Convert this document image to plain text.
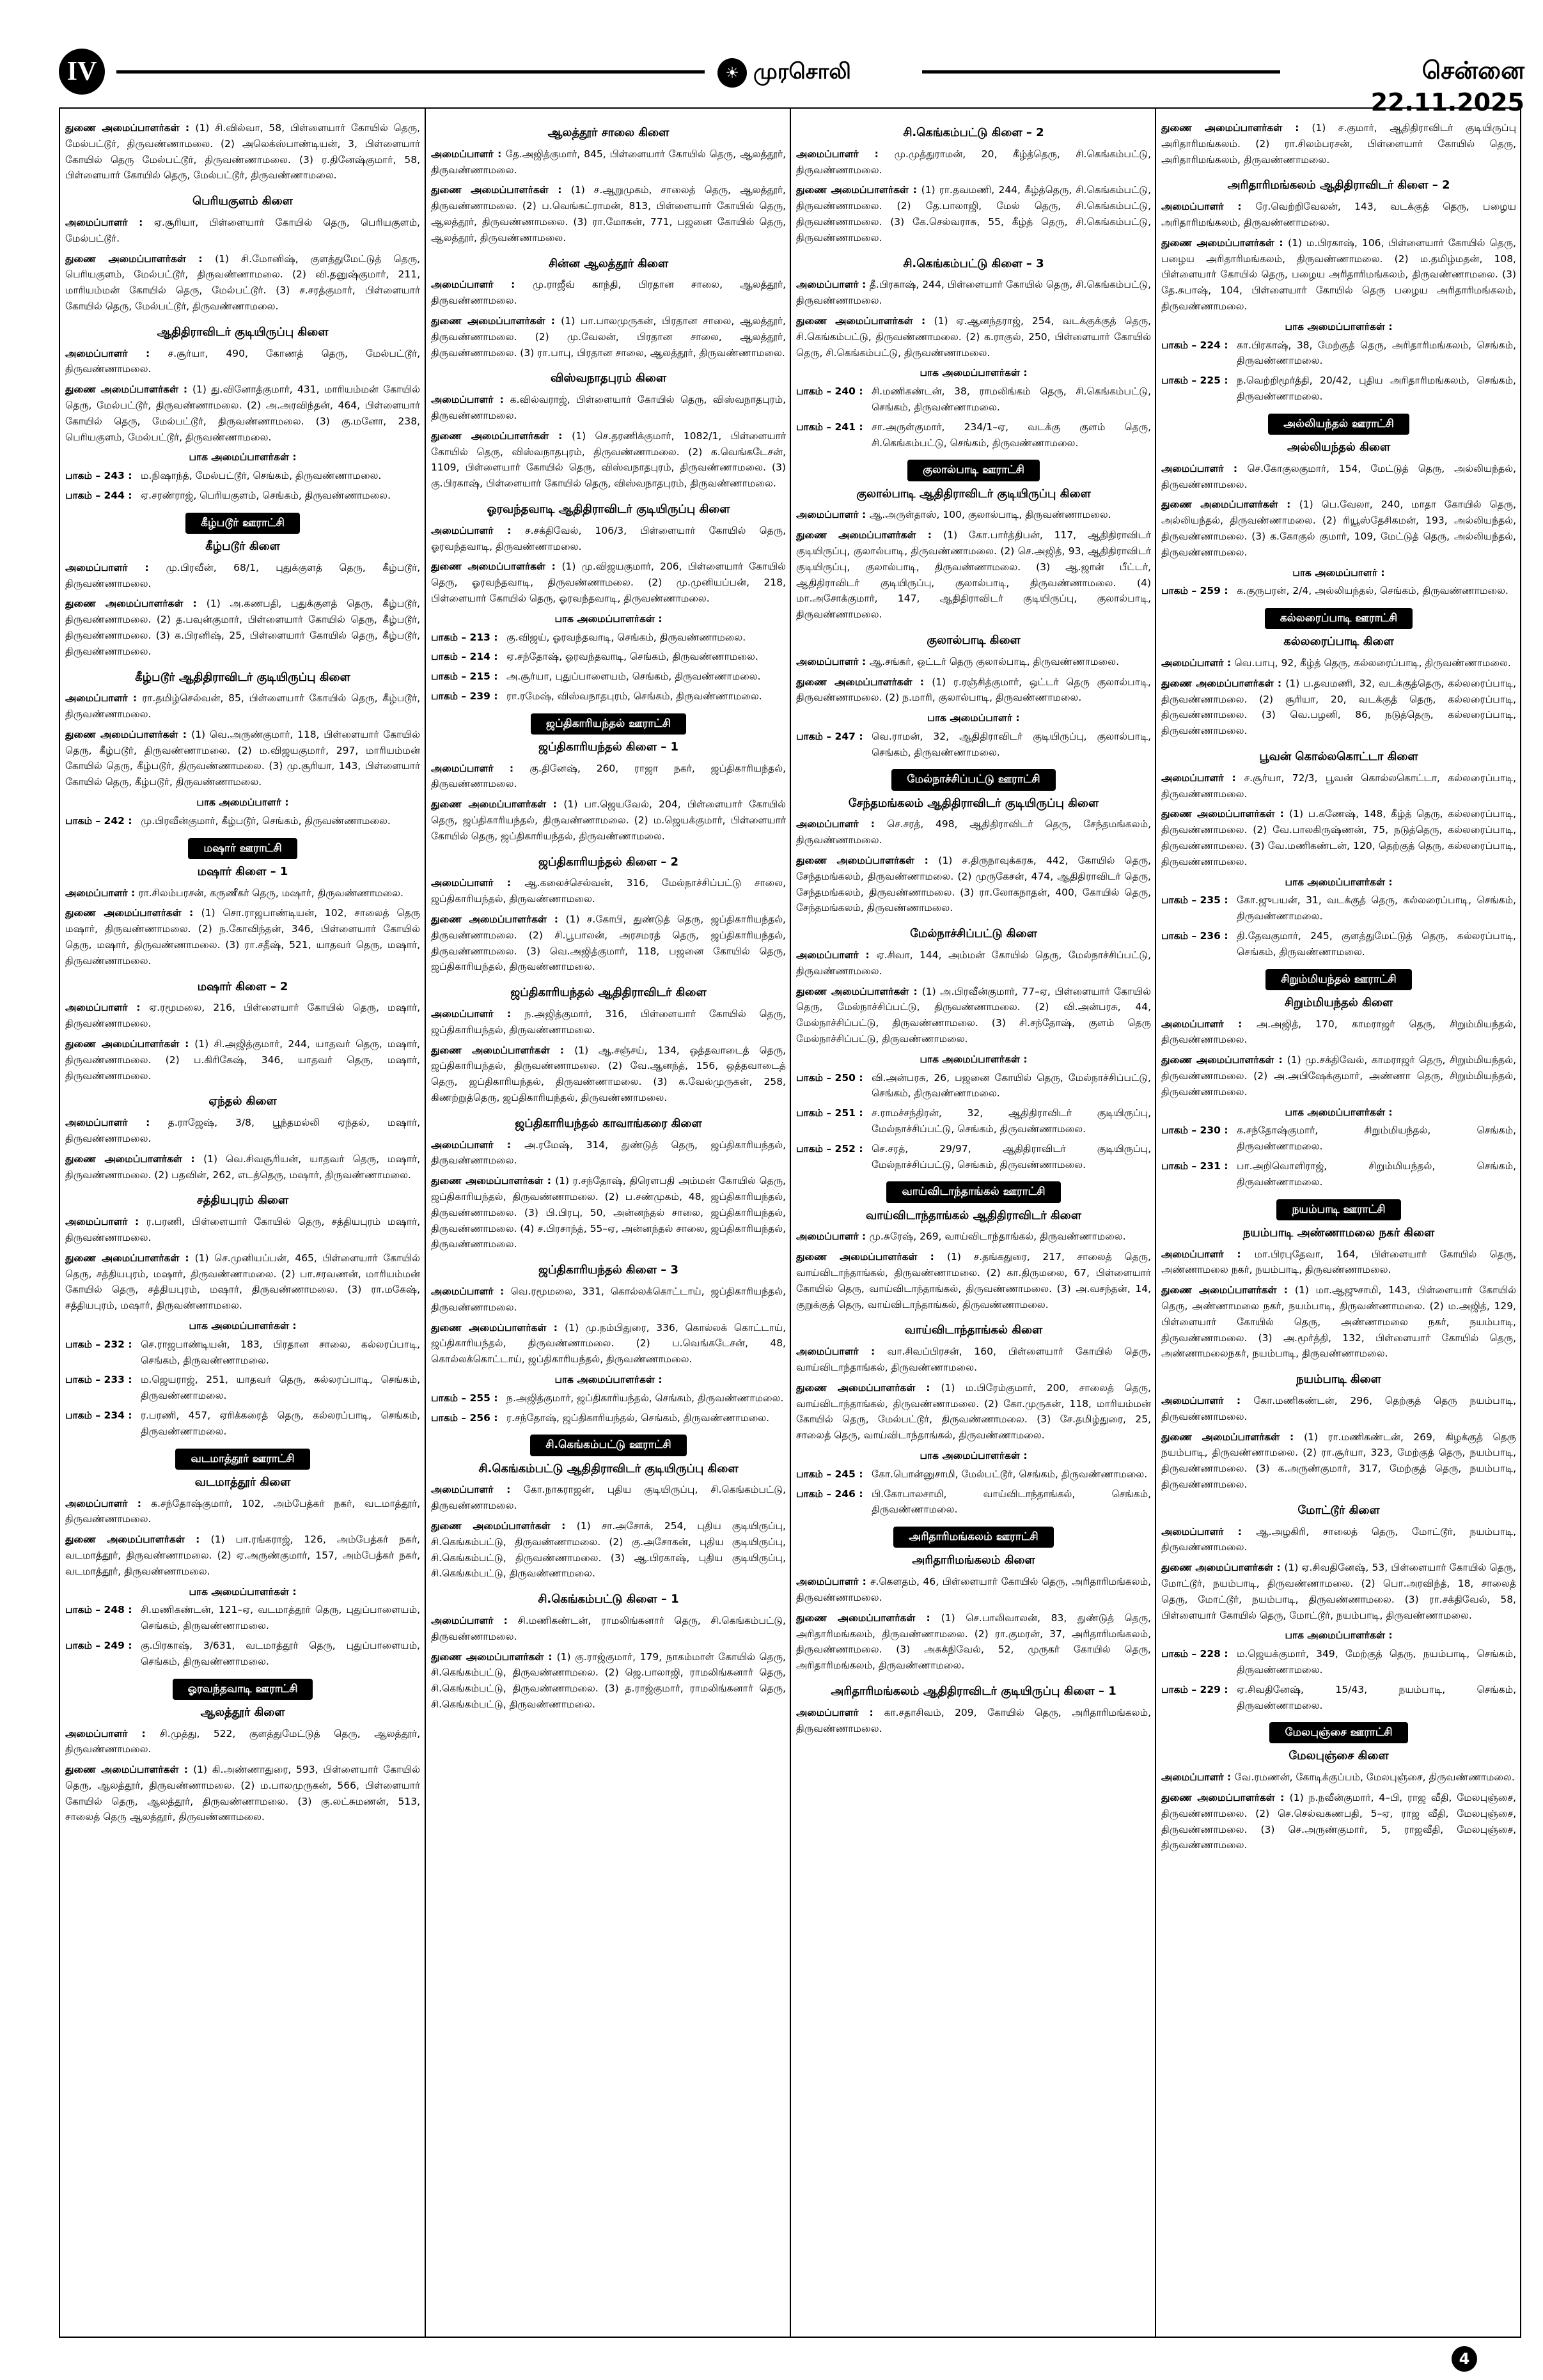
IV	☀ முரசொலி	சென்னை 22.11.2025
துணை அமைப்பாளர்கள் : (1) சி.வில்வா, 58, பிள்ளையார் கோயில் தெரு, மேல்பட்டூர், திருவண்ணாமலை. (2) அலெக்ஸ்பாண்டியன், 3, பிள்ளையார் கோயில் தெரு மேல்பட்டூர், திருவண்ணாமலை. (3) ர.தினேஷ்குமார், 58, பிள்ளையார் கோயில் தெரு, மேல்பட்டூர், திருவண்ணாமலை.
பெரியகுளம் கிளை
அமைப்பாளர் : ஏ.சூரியா, பிள்ளையார் கோயில் தெரு, பெரியகுளம், மேல்பட்டூர்.
துணை அமைப்பாளர்கள் : (1) சி.மோனிஷ், குளத்துமேட்டுத் தெரு, பெரியகுளம், மேல்பட்டூர், திருவண்ணாமலை. (2) வி.தனுஷ்குமார், 211, மாரியம்மன் கோயில் தெரு, மேல்பட்டூர். (3) ச.சரத்குமார், பிள்ளையார் கோயில் தெரு, மேல்பட்டூர், திருவண்ணாமலை.
ஆதிதிராவிடர் குடியிருப்பு கிளை
அமைப்பாளர் : ச.சூர்யா, 490, கோணத் தெரு, மேல்பட்டூர், திருவண்ணாமலை.
துணை அமைப்பாளர்கள் : (1) து.வினோத்குமார், 431, மாரியம்மன் கோயில் தெரு, மேல்பட்டூர், திருவண்ணாமலை. (2) அ.அரவிந்தன், 464, பிள்ளையார் கோயில் தெரு, மேல்பட்டூர், திருவண்ணாமலை. (3) கு.மனோ, 238, பெரியகுளம், மேல்பட்டூர், திருவண்ணாமலை.
பாக அமைப்பாளர்கள் :
பாகம் – 243 : ம.நிஷாந்த், மேல்பட்டூர், செங்கம், திருவண்ணாமலை.
பாகம் – 244 : ஏ.சரண்ராஜ், பெரியகுளம், செங்கம், திருவண்ணாமலை.
கீழ்படூர் ஊராட்சி
கீழ்படூர் கிளை
அமைப்பாளர் : மு.பிரவீன், 68/1, புதுக்குளத் தெரு, கீழ்படூர், திருவண்ணாமலை.
துணை அமைப்பாளர்கள் : (1) அ.கணபதி, புதுக்குளத் தெரு, கீழ்படூர், திருவண்ணாமலை. (2) த.பவுன்குமார், பிள்ளையார் கோயில் தெரு, கீழ்படூர், திருவண்ணாமலை. (3) க.பிரனிஷ், 25, பிள்ளையார் கோயில் தெரு, கீழ்படூர், திருவண்ணாமலை.
கீழ்படூர் ஆதிதிராவிடர் குடியிருப்பு கிளை
அமைப்பாளர் : ரா.தமிழ்செல்வன், 85, பிள்ளையார் கோயில் தெரு, கீழ்படூர், திருவண்ணாமலை.
துணை அமைப்பாளர்கள் : (1) வெ.அருண்குமார், 118, பிள்ளையார் கோயில் தெரு, கீழ்படூர், திருவண்ணாமலை. (2) ம.விஜயகுமார், 297, மாரியம்மன் கோயில் தெரு, கீழ்படூர், திருவண்ணாமலை. (3) மு.சூரியா, 143, பிள்ளையார் கோயில் தெரு, கீழ்படூர், திருவண்ணாமலை.
பாக அமைப்பாளர் :
பாகம் – 242 : மு.பிரவீன்குமார், கீழ்படூர், செங்கம், திருவண்ணாமலை.
மஷார் ஊராட்சி
மஷார் கிளை – 1
அமைப்பாளர் : ரா.சிலம்பரசன், கருணீகர் தெரு, மஷார், திருவண்ணாமலை.
துணை அமைப்பாளர்கள் : (1) சொ.ராஜபாண்டியன், 102, சாலைத் தெரு மஷார், திருவண்ணாமலை. (2) ந.கோவிந்தன், 346, பிள்ளையார் கோயில் தெரு, மஷார், திருவண்ணாமலை. (3) ரா.சதீஷ், 521, யாதவர் தெரு, மஷார், திருவண்ணாமலை.
மஷார் கிளை – 2
அமைப்பாளர் : ஏ.ரமூமலை, 216, பிள்ளையார் கோயில் தெரு, மஷார், திருவண்ணாமலை.
துணை அமைப்பாளர்கள் : (1) சி.அஜித்குமார், 244, யாதவர் தெரு, மஷார், திருவண்ணாமலை. (2) ப.கிரிகேஷ், 346, யாதவர் தெரு, மஷார், திருவண்ணாமலை.
ஏந்தல் கிளை
அமைப்பாளர் : த.ராஜேஷ், 3/8, பூந்தமல்லி ஏந்தல், மஷார், திருவண்ணாமலை.
துணை அமைப்பாளர்கள் : (1) வெ.சிவசூரியன், யாதவர் தெரு, மஷார், திருவண்ணாமலை. (2) பதவின், 262, எடத்தெரு, மஷார், திருவண்ணாமலை.
சத்தியபுரம் கிளை
அமைப்பாளர் : ர.பரணி, பிள்ளையார் கோயில் தெரு, சத்தியபுரம் மஷார், திருவண்ணாமலை.
துணை அமைப்பாளர்கள் : (1) செ.முனியப்பன், 465, பிள்ளையார் கோயில் தெரு, சத்தியபுரம், மஷார், திருவண்ணாமலை. (2) பா.சரவணன், மாரியம்மன் கோயில் தெரு, சத்தியபுரம், மஷார், திருவண்ணாமலை. (3) ரா.மகேஷ், சத்தியபுரம், மஷார், திருவண்ணாமலை.
பாக அமைப்பாளர்கள் :
பாகம் – 232 : செ.ராஜபாண்டியன், 183, பிரதான சாலை, கல்லரப்பாடி, செங்கம், திருவண்ணாமலை.
பாகம் – 233 : ம.ஜெயராஜ், 251, யாதவர் தெரு, கல்லரப்பாடி, செங்கம், திருவண்ணாமலை.
பாகம் – 234 : ர.பரணி, 457, ஏரிக்கரைத் தெரு, கல்லரப்பாடி, செங்கம், திருவண்ணாமலை.
வடமாத்தூர் ஊராட்சி
வடமாத்தூர் கிளை
அமைப்பாளர் : க.சந்தோஷ்குமார், 102, அம்பேத்கர் நகர், வடமாத்தூர், திருவண்ணாமலை.
துணை அமைப்பாளர்கள் : (1) பா.ரங்கராஜ், 126, அம்பேத்கர் நகர், வடமாத்தூர், திருவண்ணாமலை. (2) ஏ.அருண்குமார், 157, அம்பேத்கர் நகர், வடமாத்தூர், திருவண்ணாமலை.
பாக அமைப்பாளர்கள் :
பாகம் – 248 : சி.மணிகண்டன், 121–ஏ, வடமாத்தூர் தெரு, புதுப்பாளையம், செங்கம், திருவண்ணாமலை.
பாகம் – 249 : கு.பிரகாஷ், 3/631, வடமாத்தூர் தெரு, புதுப்பாளையம், செங்கம், திருவண்ணாமலை.
ஓரவந்தவாடி ஊராட்சி
ஆலத்தூர் கிளை
அமைப்பாளர் : சி.முத்து, 522, குளத்துமேட்டுத் தெரு, ஆலத்தூர், திருவண்ணாமலை.
துணை அமைப்பாளர்கள் : (1) கி.அண்ணாதுரை, 593, பிள்ளையார் கோயில் தெரு, ஆலத்தூர், திருவண்ணாமலை. (2) ம.பாலமுருகன், 566, பிள்ளையார் கோயில் தெரு, ஆலத்தூர், திருவண்ணாமலை. (3) கு.லட்சுமணன், 513, சாலைத் தெரு ஆலத்தூர், திருவண்ணாமலை.
ஆலத்தூர் சாலை கிளை
அமைப்பாளர் : தே.அஜித்குமார், 845, பிள்ளையார் கோயில் தெரு, ஆலத்தூர், திருவண்ணாமலை.
துணை அமைப்பாளர்கள் : (1) ச.ஆறுமுகம், சாலைத் தெரு, ஆலத்தூர், திருவண்ணாமலை. (2) ப.வெங்கட்ராமன், 813, பிள்ளையார் கோயில் தெரு, ஆலத்தூர், திருவண்ணாமலை. (3) ரா.மோகன், 771, பஜனை கோயில் தெரு, ஆலத்தூர், திருவண்ணாமலை.
சின்ன ஆலத்தூர் கிளை
அமைப்பாளர் : மு.ராஜீவ் காந்தி, பிரதான சாலை, ஆலத்தூர், திருவண்ணாமலை.
துணை அமைப்பாளர்கள் : (1) பா.பாலமுருகன், பிரதான சாலை, ஆலத்தூர், திருவண்ணாமலை. (2) மு.வேலன், பிரதான சாலை, ஆலத்தூர், திருவண்ணாமலை. (3) ரா.பாபு, பிரதான சாலை, ஆலத்தூர், திருவண்ணாமலை.
விஸ்வநாதபுரம் கிளை
அமைப்பாளர் : க.வில்வராஜ், பிள்ளையார் கோயில் தெரு, விஸ்வநாதபுரம், திருவண்ணாமலை.
துணை அமைப்பாளர்கள் : (1) செ.தரணிக்குமார், 1082/1, பிள்ளையார் கோயில் தெரு, விஸ்வநாதபுரம், திருவண்ணாமலை. (2) க.வெங்கடேசன், 1109, பிள்ளையார் கோயில் தெரு, விஸ்வநாதபுரம், திருவண்ணாமலை. (3) கு.பிரகாஷ், பிள்ளையார் கோயில் தெரு, விஸ்வநாதபுரம், திருவண்ணாமலை.
ஓரவந்தவாடி ஆதிதிராவிடர் குடியிருப்பு கிளை
அமைப்பாளர் : ச.சக்திவேல், 106/3, பிள்ளையார் கோயில் தெரு, ஓரவந்தவாடி, திருவண்ணாமலை.
துணை அமைப்பாளர்கள் : (1) மு.விஜயகுமார், 206, பிள்ளையார் கோயில் தெரு, ஓரவந்தவாடி, திருவண்ணாமலை. (2) மு.முனியப்பன், 218, பிள்ளையார் கோயில் தெரு, ஓரவந்தவாடி, திருவண்ணாமலை.
பாக அமைப்பாளர்கள் :
பாகம் – 213 : கு.விஜய், ஓரவந்தவாடி, செங்கம், திருவண்ணாமலை.
பாகம் – 214 : ஏ.சந்தோஷ், ஓரவந்தவாடி, செங்கம், திருவண்ணாமலை.
பாகம் – 215 : அ.சூர்யா, புதுப்பாளையம், செங்கம், திருவண்ணாமலை.
பாகம் – 239 : ரா.ரமேஷ், விஸ்வநாதபுரம், செங்கம், திருவண்ணாமலை.
ஜப்திகாரியந்தல் ஊராட்சி
ஜப்திகாரியந்தல் கிளை – 1
அமைப்பாளர் : கு.தினேஷ், 260, ராஜா நகர், ஜப்திகாரியந்தல், திருவண்ணாமலை.
துணை அமைப்பாளர்கள் : (1) பா.ஜெயவேல், 204, பிள்ளையார் கோயில் தெரு, ஜப்திகாரியந்தல், திருவண்ணாமலை. (2) ம.ஜெயக்குமார், பிள்ளையார் கோயில் தெரு, ஜப்திகாரியந்தல், திருவண்ணாமலை.
ஜப்திகாரியந்தல் கிளை – 2
அமைப்பாளர் : ஆ.கலைச்செல்வன், 316, மேல்நாச்சிப்பட்டு சாலை, ஜப்திகாரியந்தல், திருவண்ணாமலை.
துணை அமைப்பாளர்கள் : (1) ச.கோபி, துண்டுத் தெரு, ஜப்திகாரியந்தல், திருவண்ணாமலை. (2) சி.பூபாலன், அரசமரத் தெரு, ஜப்திகாரியந்தல், திருவண்ணாமலை. (3) வெ.அஜித்குமார், 118, பஜனை கோயில் தெரு, ஜப்திகாரியந்தல், திருவண்ணாமலை.
ஜப்திகாரியந்தல் ஆதிதிராவிடர் கிளை
அமைப்பாளர் : ந.அஜித்குமார், 316, பிள்ளையார் கோயில் தெரு, ஜப்திகாரியந்தல், திருவண்ணாமலை.
துணை அமைப்பாளர்கள் : (1) ஆ.சஞ்சய், 134, ஒத்தவாடைத் தெரு, ஜப்திகாரியந்தல், திருவண்ணாமலை. (2) வே.ஆனந்த், 156, ஒத்தவாடைத் தெரு, ஜப்திகாரியந்தல், திருவண்ணாமலை. (3) க.வேல்முருகன், 258, கிணற்றுத்தெரு, ஜப்திகாரியந்தல், திருவண்ணாமலை.
ஜப்திகாரியந்தல் காவாங்கரை கிளை
அமைப்பாளர் : அ.ரமேஷ், 314, துண்டுத் தெரு, ஜப்திகாரியந்தல், திருவண்ணாமலை.
துணை அமைப்பாளர்கள் : (1) ர.சந்தோஷ், திரௌபதி அம்மன் கோயில் தெரு, ஜப்திகாரியந்தல், திருவண்ணாமலை. (2) ப.சண்முகம், 48, ஜப்திகாரியந்தல், திருவண்ணாமலை. (3) பி.பிரபு, 50, அன்னந்தல் சாலை, ஜப்திகாரியந்தல், திருவண்ணாமலை. (4) ச.பிரசாந்த், 55–ஏ, அன்னந்தல் சாலை, ஜப்திகாரியந்தல், திருவண்ணாமலை.
ஜப்திகாரியந்தல் கிளை – 3
அமைப்பாளர் : வெ.ரமூமலை, 331, கொல்லக்கொட்டாய், ஜப்திகாரியந்தல், திருவண்ணாமலை.
துணை அமைப்பாளர்கள் : (1) மு.நம்பிதுரை, 336, கொல்லக் கொட்டாய், ஜப்திகாரியந்தல், திருவண்ணாமலை. (2) ப.வெங்கடேசன், 48, கொல்லக்கொட்டாய், ஜப்திகாரியந்தல், திருவண்ணாமலை.
பாக அமைப்பாளர்கள் :
பாகம் – 255 : ந.அஜித்குமார், ஜப்திகாரியந்தல், செங்கம், திருவண்ணாமலை.
பாகம் – 256 : ர.சந்தோஷ், ஜப்திகாரியந்தல், செங்கம், திருவண்ணாமலை.
சி.கெங்கம்பட்டு ஊராட்சி
சி.கெங்கம்பட்டு ஆதிதிராவிடர் குடியிருப்பு கிளை
அமைப்பாளர் : கோ.நாகராஜன், புதிய குடியிருப்பு, சி.கெங்கம்பட்டு, திருவண்ணாமலை.
துணை அமைப்பாளர்கள் : (1) சா.அசோக், 254, புதிய குடியிருப்பு, சி.கெங்கம்பட்டு, திருவண்ணாமலை. (2) கு.அசோகன், புதிய குடியிருப்பு, சி.கெங்கம்பட்டு, திருவண்ணாமலை. (3) ஆ.பிரகாஷ், புதிய குடியிருப்பு, சி.கெங்கம்பட்டு, திருவண்ணாமலை.
சி.கெங்கம்பட்டு கிளை – 1
அமைப்பாளர் : சி.மணிகண்டன், ராமலிங்கனார் தெரு, சி.கெங்கம்பட்டு, திருவண்ணாமலை.
துணை அமைப்பாளர்கள் : (1) கு.ராஜ்குமார், 179, நாகம்மாள் கோயில் தெரு, சி.கெங்கம்பட்டு, திருவண்ணாமலை. (2) ஜெ.பாலாஜி, ராமலிங்கனார் தெரு, சி.கெங்கம்பட்டு, திருவண்ணாமலை. (3) த.ராஜ்குமார், ராமலிங்கனார் தெரு, சி.கெங்கம்பட்டு, திருவண்ணாமலை.
சி.கெங்கம்பட்டு கிளை – 2
அமைப்பாளர் : மு.முத்துராமன், 20, கீழ்த்தெரு, சி.கெங்கம்பட்டு, திருவண்ணாமலை.
துணை அமைப்பாளர்கள் : (1) ரா.தவமணி, 244, கீழ்த்தெரு, சி.கெங்கம்பட்டு, திருவண்ணாமலை. (2) தே.பாலாஜி, மேல் தெரு, சி.கெங்கம்பட்டு, திருவண்ணாமலை. (3) கே.செல்வராசு, 55, கீழ்த் தெரு, சி.கெங்கம்பட்டு, திருவண்ணாமலை.
சி.கெங்கம்பட்டு கிளை – 3
அமைப்பாளர் : தீ.பிரகாஷ், 244, பிள்ளையார் கோயில் தெரு, சி.கெங்கம்பட்டு, திருவண்ணாமலை.
துணை அமைப்பாளர்கள் : (1) ஏ.ஆனந்தராஜ், 254, வடக்குக்குத் தெரு, சி.கெங்கம்பட்டு, திருவண்ணாமலை. (2) க.ராகுல், 250, பிள்ளையார் கோயில் தெரு, சி.கெங்கம்பட்டு, திருவண்ணாமலை.
பாக அமைப்பாளர்கள் :
பாகம் – 240 : சி.மணிகண்டன், 38, ராமலிங்கம் தெரு, சி.கெங்கம்பட்டு, செங்கம், திருவண்ணாமலை.
பாகம் – 241 : சா.அருள்குமார், 234/1–ஏ, வடக்கு குளம் தெரு, சி.கெங்கம்பட்டு, செங்கம், திருவண்ணாமலை.
குலால்பாடி ஊராட்சி
குலால்பாடி ஆதிதிராவிடர் குடியிருப்பு கிளை
அமைப்பாளர் : ஆ.அருள்தாஸ், 100, குலால்பாடி, திருவண்ணாமலை.
துணை அமைப்பாளர்கள் : (1) கோ.பார்த்திபன், 117, ஆதிதிராவிடர் குடியிருப்பு, குலால்பாடி, திருவண்ணாமலை. (2) செ.அஜித், 93, ஆதிதிராவிடர் குடியிருப்பு, குலால்பாடி, திருவண்ணாமலை. (3) ஆ.ஜான் பீட்டர், ஆதிதிராவிடர் குடியிருப்பு, குலால்பாடி, திருவண்ணாமலை. (4) மா.அசோக்குமார், 147, ஆதிதிராவிடர் குடியிருப்பு, குலால்பாடி, திருவண்ணாமலை.
குலால்பாடி கிளை
அமைப்பாளர் : ஆ.சங்கர், ஒட்டர் தெரு குலால்பாடி, திருவண்ணாமலை.
துணை அமைப்பாளர்கள் : (1) ர.ரஞ்சித்குமார், ஒட்டர் தெரு குலால்பாடி, திருவண்ணாமலை. (2) ந.மாரி, குலால்பாடி, திருவண்ணாமலை.
பாக அமைப்பாளர் :
பாகம் – 247 : வெ.ராமன், 32, ஆதிதிராவிடர் குடியிருப்பு, குலால்பாடி, செங்கம், திருவண்ணாமலை.
மேல்நாச்சிப்பட்டு ஊராட்சி
சேந்தமங்கலம் ஆதிதிராவிடர் குடியிருப்பு கிளை
அமைப்பாளர் : செ.சரத், 498, ஆதிதிராவிடர் தெரு, சேந்தமங்கலம், திருவண்ணாமலை.
துணை அமைப்பாளர்கள் : (1) ச.திருநாவுக்கரசு, 442, கோயில் தெரு, சேந்தமங்கலம், திருவண்ணாமலை. (2) முருகேசன், 474, ஆதிதிராவிடர் தெரு, சேந்தமங்கலம், திருவண்ணாமலை. (3) ரா.லோகநாதன், 400, கோயில் தெரு, சேந்தமங்கலம், திருவண்ணாமலை.
மேல்நாச்சிப்பட்டு கிளை
அமைப்பாளர் : ஏ.சிவா, 144, அம்மன் கோயில் தெரு, மேல்நாச்சிப்பட்டு, திருவண்ணாமலை.
துணை அமைப்பாளர்கள் : (1) அ.பிரவீன்குமார், 77–ஏ, பிள்ளையார் கோயில் தெரு, மேல்நாச்சிப்பட்டு, திருவண்ணாமலை. (2) வி.அன்பரசு, 44, மேல்நாச்சிப்பட்டு, திருவண்ணாமலை. (3) சி.சந்தோஷ், குளம் தெரு மேல்நாச்சிப்பட்டு, திருவண்ணாமலை.
பாக அமைப்பாளர்கள் :
பாகம் – 250 : வி.அன்பரசு, 26, பஜனை கோயில் தெரு, மேல்நாச்சிப்பட்டு, செங்கம், திருவண்ணாமலை.
பாகம் – 251 : ச.ராமச்சந்திரன், 32, ஆதிதிராவிடர் குடியிருப்பு, மேல்நாச்சிப்பட்டு, செங்கம், திருவண்ணாமலை.
பாகம் – 252 : செ.சரத், 29/97, ஆதிதிராவிடர் குடியிருப்பு, மேல்நாச்சிப்பட்டு, செங்கம், திருவண்ணாமலை.
வாய்விடாந்தாங்கல் ஊராட்சி
வாய்விடாந்தாங்கல் ஆதிதிராவிடர் கிளை
அமைப்பாளர் : மு.சுரேஷ், 269, வாய்விடாந்தாங்கல், திருவண்ணாமலை.
துணை அமைப்பாளர்கள் : (1) ச.தங்கதுரை, 217, சாலைத் தெரு, வாய்விடாந்தாங்கல், திருவண்ணாமலை. (2) கா.திருமலை, 67, பிள்ளையார் கோயில் தெரு, வாய்விடாந்தாங்கல், திருவண்ணாமலை. (3) அ.வசந்தன், 14, குறுக்குத் தெரு, வாய்விடாந்தாங்கல், திருவண்ணாமலை.
வாய்விடாந்தாங்கல் கிளை
அமைப்பாளர் : வா.சிவப்பிரசன், 160, பிள்ளையார் கோயில் தெரு, வாய்விடாந்தாங்கல், திருவண்ணாமலை.
துணை அமைப்பாளர்கள் : (1) ம.பிரேம்குமார், 200, சாலைத் தெரு, வாய்விடாந்தாங்கல், திருவண்ணாமலை. (2) கோ.முருகன், 118, மாரியம்மன் கோயில் தெரு, மேல்பட்டூர், திருவண்ணாமலை. (3) சே.தமிழ்துரை, 25, சாலைத் தெரு, வாய்விடாந்தாங்கல், திருவண்ணாமலை.
பாக அமைப்பாளர்கள் :
பாகம் – 245 : கோ.பொன்னுசாமி, மேல்பட்டூர், செங்கம், திருவண்ணாமலை.
பாகம் – 246 : பி.கோபாலசாமி, வாய்விடாந்தாங்கல், செங்கம், திருவண்ணாமலை.
அரிதாரிமங்கலம் ஊராட்சி
அரிதாரிமங்கலம் கிளை
அமைப்பாளர் : ச.கௌதம், 46, பிள்ளையார் கோயில் தெரு, அரிதாரிமங்கலம், திருவண்ணாமலை.
துணை அமைப்பாளர்கள் : (1) செ.பாலிவாலன், 83, துண்டுத் தெரு, அரிதாரிமங்கலம், திருவண்ணாமலை. (2) ரா.குமரன், 37, அரிதாரிமங்கலம், திருவண்ணாமலை. (3) அசுக்நிவேல், 52, முருகர் கோயில் தெரு, அரிதாரிமங்கலம், திருவண்ணாமலை.
அரிதாரிமங்கலம் ஆதிதிராவிடர் குடியிருப்பு கிளை – 1
அமைப்பாளர் : கா.சதாசிவம், 209, கோயில் தெரு, அரிதாரிமங்கலம், திருவண்ணாமலை.
துணை அமைப்பாளர்கள் : (1) ச.குமார், ஆதிதிராவிடர் குடியிருப்பு அரிதாரிமங்கலம். (2) ரா.சிலம்பரசன், பிள்ளையார் கோயில் தெரு, அரிதாரிமங்கலம், திருவண்ணாமலை.
அரிதாரிமங்கலம் ஆதிதிராவிடர் கிளை – 2
அமைப்பாளர் : ரே.வெற்றிவேலன், 143, வடக்குத் தெரு, பழைய அரிதாரிமங்கலம், திருவண்ணாமலை.
துணை அமைப்பாளர்கள் : (1) ம.பிரகாஷ், 106, பிள்ளையார் கோயில் தெரு, பழைய அரிதாரிமங்கலம், திருவண்ணாமலை. (2) ம.தமிழ்மதன், 108, பிள்ளையார் கோயில் தெரு, பழைய அரிதாரிமங்கலம், திருவண்ணாமலை. (3) தே.சுபாஷ், 104, பிள்ளையார் கோயில் தெரு பழைய அரிதாரிமங்கலம், திருவண்ணாமலை.
பாக அமைப்பாளர்கள் :
பாகம் – 224 : கா.பிரகாஷ், 38, மேற்குத் தெரு, அரிதாரிமங்கலம், செங்கம், திருவண்ணாமலை.
பாகம் – 225 : ந.வெற்றிமூர்த்தி, 20/42, புதிய அரிதாரிமங்கலம், செங்கம், திருவண்ணாமலை.
அல்லியந்தல் ஊராட்சி
அல்லியந்தல் கிளை
அமைப்பாளர் : செ.கோகுலகுமார், 154, மேட்டுத் தெரு, அல்லியந்தல், திருவண்ணாமலை.
துணை அமைப்பாளர்கள் : (1) பெ.வேலா, 240, மாதா கோயில் தெரு, அல்லியந்தல், திருவண்ணாமலை. (2) ரியூஸ்தேசிகமன், 193, அல்லியந்தல், திருவண்ணாமலை. (3) க.கோகுல் குமார், 109, மேட்டுத் தெரு, அல்லியந்தல், திருவண்ணாமலை.
பாக அமைப்பாளர் :
பாகம் – 259 : க.குருபரன், 2/4, அல்லியந்தல், செங்கம், திருவண்ணாமலை.
கல்லரைப்பாடி ஊராட்சி
கல்லரைப்பாடி கிளை
அமைப்பாளர் : வெ.பாபு, 92, கீழ்த் தெரு, கல்லரைப்பாடி, திருவண்ணாமலை.
துணை அமைப்பாளர்கள் : (1) ப.தவமணி, 32, வடக்குத்தெரு, கல்லரைப்பாடி, திருவண்ணாமலை. (2) சூரியா, 20, வடக்குத் தெரு, கல்லரைப்பாடி, திருவண்ணாமலை. (3) வெ.பழனி, 86, நடுத்தெரு, கல்லரைப்பாடி, திருவண்ணாமலை.
பூவன் கொல்லகொட்டா கிளை
அமைப்பாளர் : ச.சூர்யா, 72/3, பூவன் கொல்லகொட்டா, கல்லரைப்பாடி, திருவண்ணாமலை.
துணை அமைப்பாளர்கள் : (1) ப.கணேஷ், 148, கீழ்த் தெரு, கல்லரைப்பாடி, திருவண்ணாமலை. (2) வே.பாலகிருஷ்ணன், 75, நடுத்தெரு, கல்லரைப்பாடி, திருவண்ணாமலை. (3) வே.மணிகண்டன், 120, தெற்குத் தெரு, கல்லரைப்பாடி, திருவண்ணாமலை.
பாக அமைப்பாளர்கள் :
பாகம் – 235 : கோ.ஜுபயன், 31, வடக்குத் தெரு, கல்லரைப்பாடி, செங்கம், திருவண்ணாமலை.
பாகம் – 236 : தி.தேவகுமார், 245, குளத்துமேட்டுத் தெரு, கல்லரப்பாடி, செங்கம், திருவண்ணாமலை.
சிறும்மியந்தல் ஊராட்சி
சிறும்மியந்தல் கிளை
அமைப்பாளர் : அ.அஜித், 170, காமராஜர் தெரு, சிறும்மியந்தல், திருவண்ணாமலை.
துணை அமைப்பாளர்கள் : (1) மு.சக்திவேல், காமராஜர் தெரு, சிறும்மியந்தல், திருவண்ணாமலை. (2) அ.அபிஷேக்குமார், அண்ணா தெரு, சிறும்மியந்தல், திருவண்ணாமலை.
பாக அமைப்பாளர்கள் :
பாகம் – 230 : க.சந்தோஷ்குமார், சிறும்மியந்தல், செங்கம், திருவண்ணாமலை.
பாகம் – 231 : பா.அறிவொளிராஜ், சிறும்மியந்தல், செங்கம், திருவண்ணாமலை.
நயம்பாடி ஊராட்சி
நயம்பாடி அண்ணாமலை நகர் கிளை
அமைப்பாளர் : மா.பிரபுதேவா, 164, பிள்ளையார் கோயில் தெரு, அண்ணாமலை நகர், நயம்பாடி, திருவண்ணாமலை.
துணை அமைப்பாளர்கள் : (1) மா.ஆஜுசாமி, 143, பிள்ளையார் கோயில் தெரு, அண்ணாமலை நகர், நயம்பாடி, திருவண்ணாமலை. (2) ம.அஜித், 129, பிள்ளையார் கோயில் தெரு, அண்ணாமலை நகர், நயம்பாடி, திருவண்ணாமலை. (3) அ.மூர்த்தி, 132, பிள்ளையார் கோயில் தெரு, அண்ணாமலைநகர், நயம்பாடி, திருவண்ணாமலை.
நயம்பாடி கிளை
அமைப்பாளர் : கோ.மணிகண்டன், 296, தெற்குத் தெரு நயம்பாடி, திருவண்ணாமலை.
துணை அமைப்பாளர்கள் : (1) ரா.மணிகண்டன், 269, கிழக்குத் தெரு நயம்பாடி, திருவண்ணாமலை. (2) ரா.சூர்யா, 323, மேற்குத் தெரு, நயம்பாடி, திருவண்ணாமலை. (3) க.அருண்குமார், 317, மேற்குத் தெரு, நயம்பாடி, திருவண்ணாமலை.
மோட்டூர் கிளை
அமைப்பாளர் : ஆ.அழகிரி, சாலைத் தெரு, மோட்டூர், நயம்பாடி, திருவண்ணாமலை.
துணை அமைப்பாளர்கள் : (1) ஏ.சிவதினேஷ், 53, பிள்ளையார் கோயில் தெரு, மோட்டூர், நயம்பாடி, திருவண்ணாமலை. (2) பொ.அரவிந்த், 18, சாலைத் தெரு, மோட்டூர், நயம்பாடி, திருவண்ணாமலை. (3) ரா.சக்திவேல், 58, பிள்ளையார் கோயில் தெரு, மோட்டூர், நயம்பாடி, திருவண்ணாமலை.
பாக அமைப்பாளர்கள் :
பாகம் – 228 : ம.ஜெயக்குமார், 349, மேற்குத் தெரு, நயம்பாடி, செங்கம், திருவண்ணாமலை.
பாகம் – 229 : ஏ.சிவதினேஷ், 15/43, நயம்பாடி, செங்கம், திருவண்ணாமலை.
மேலபுஞ்சை ஊராட்சி
மேலபுஞ்சை கிளை
அமைப்பாளர் : வே.ரமணன், கோடிக்குப்பம், மேலபுஞ்சை, திருவண்ணாமலை.
துணை அமைப்பாளர்கள் : (1) ந.நவீன்குமார், 4–பி, ராஜ வீதி, மேலபுஞ்சை, திருவண்ணாமலை. (2) செ.செல்வகணபதி, 5–ஏ, ராஜ வீதி, மேலபுஞ்சை, திருவண்ணாமலை. (3) செ.அருண்குமார், 5, ராஜவீதி, மேலபுஞ்சை, திருவண்ணாமலை.
4
